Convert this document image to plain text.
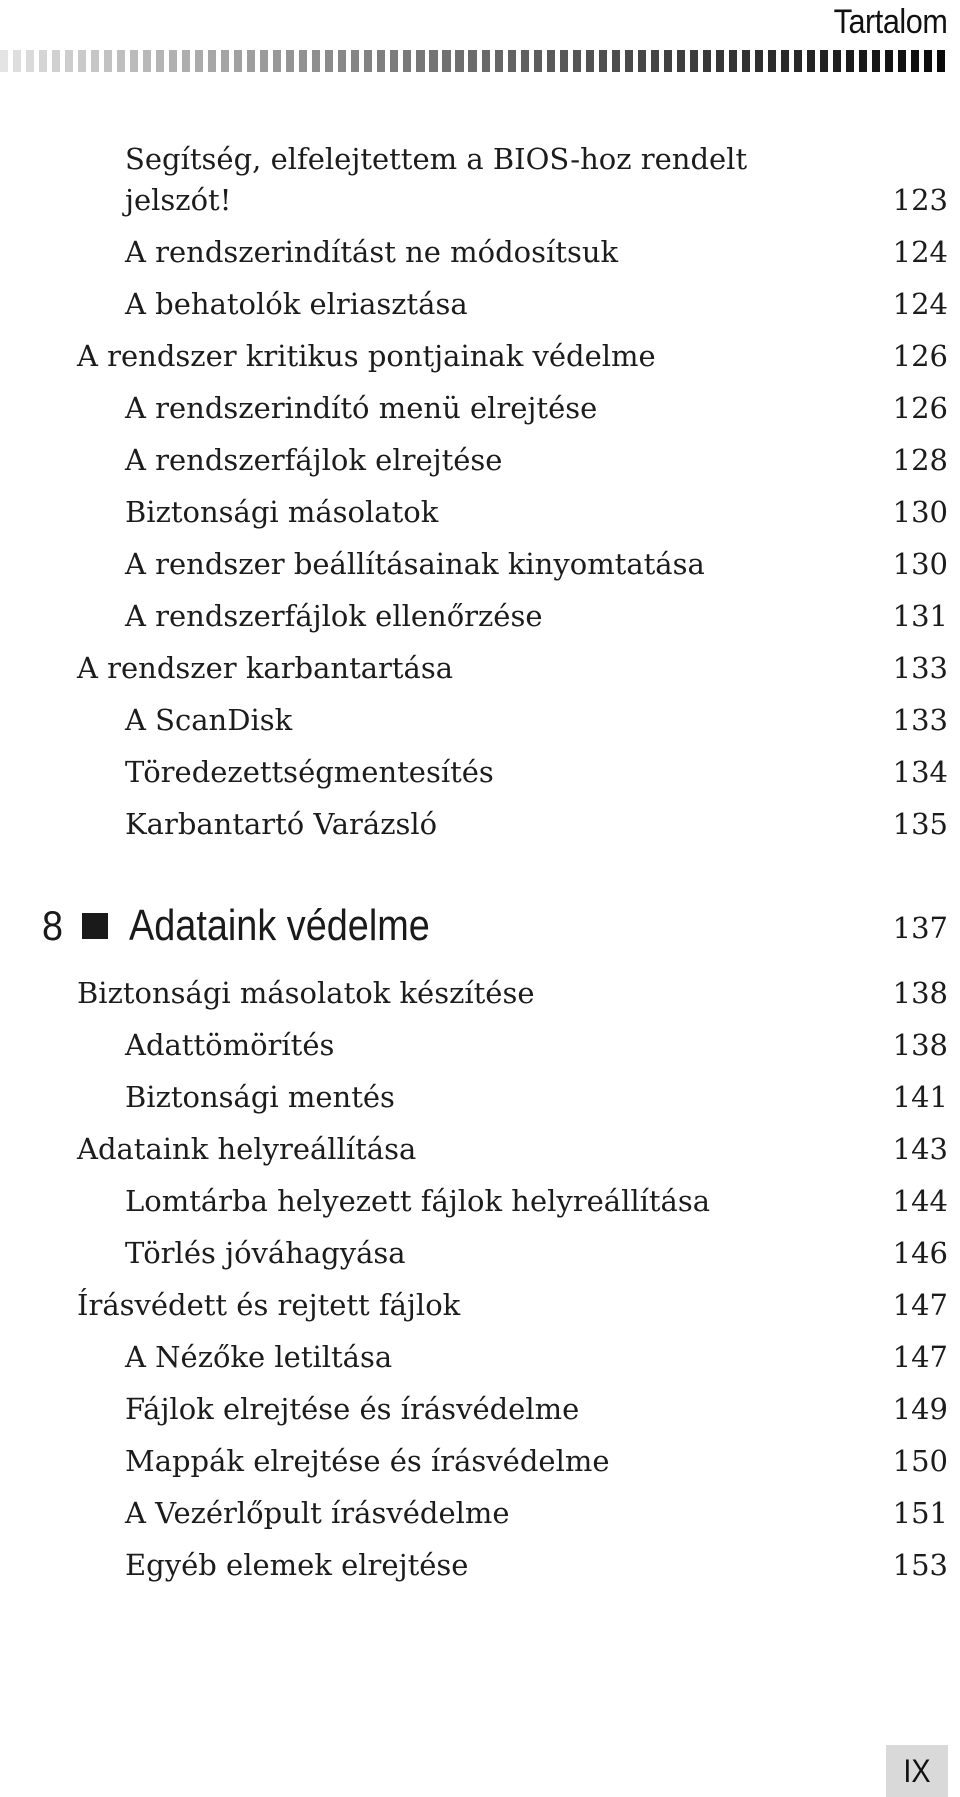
Tartalom
Segítség, elfelejtettem a BIOS-hoz rendelt
jelszót!	123
A rendszerindítást ne módosítsuk	124
A behatolók elriasztása	124
A rendszer kritikus pontjainak védelme	126
A rendszerindító menü elrejtése	126
A rendszerfájlok elrejtése	128
Biztonsági másolatok	130
A rendszer beállításainak kinyomtatása	130
A rendszerfájlok ellenőrzése	131
A rendszer karbantartása	133
A ScanDisk	133
Töredezettségmentesítés	134
Karbantartó Varázsló	135
8 Adataink védelme	137
Biztonsági másolatok készítése	138
Adattömörítés	138
Biztonsági mentés	141
Adataink helyreállítása	143
Lomtárba helyezett fájlok helyreállítása	144
Törlés jóváhagyása	146
Írásvédett és rejtett fájlok	147
A Nézőke letiltása	147
Fájlok elrejtése és írásvédelme	149
Mappák elrejtése és írásvédelme	150
A Vezérlőpult írásvédelme	151
Egyéb elemek elrejtése	153
IX
